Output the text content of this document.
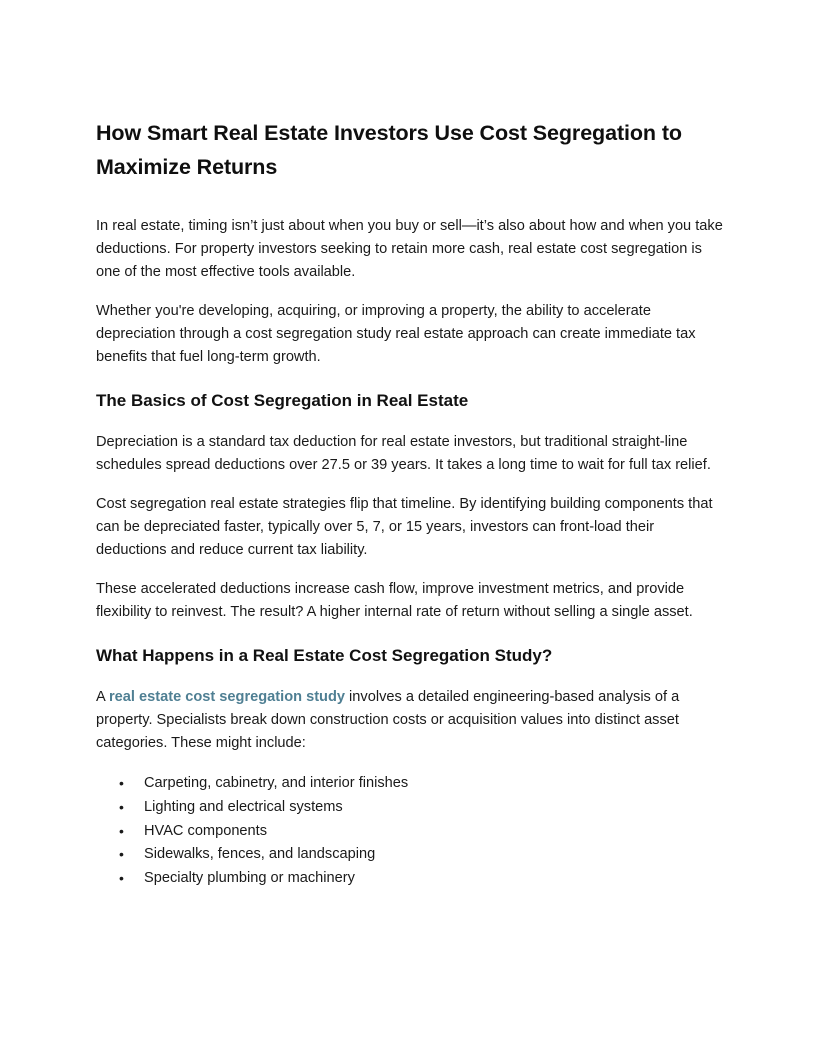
How Smart Real Estate Investors Use Cost Segregation to Maximize Returns

In real estate, timing isn’t just about when you buy or sell—it’s also about how and when you take deductions. For property investors seeking to retain more cash, real estate cost segregation is one of the most effective tools available.

Whether you're developing, acquiring, or improving a property, the ability to accelerate depreciation through a cost segregation study real estate approach can create immediate tax benefits that fuel long-term growth.

The Basics of Cost Segregation in Real Estate

Depreciation is a standard tax deduction for real estate investors, but traditional straight-line schedules spread deductions over 27.5 or 39 years. It takes a long time to wait for full tax relief.

Cost segregation real estate strategies flip that timeline. By identifying building components that can be depreciated faster, typically over 5, 7, or 15 years, investors can front-load their deductions and reduce current tax liability.

These accelerated deductions increase cash flow, improve investment metrics, and provide flexibility to reinvest. The result? A higher internal rate of return without selling a single asset.

What Happens in a Real Estate Cost Segregation Study?

A real estate cost segregation study involves a detailed engineering-based analysis of a property. Specialists break down construction costs or acquisition values into distinct asset categories. These might include:

• Carpeting, cabinetry, and interior finishes
• Lighting and electrical systems
• HVAC components
• Sidewalks, fences, and landscaping
• Specialty plumbing or machinery
